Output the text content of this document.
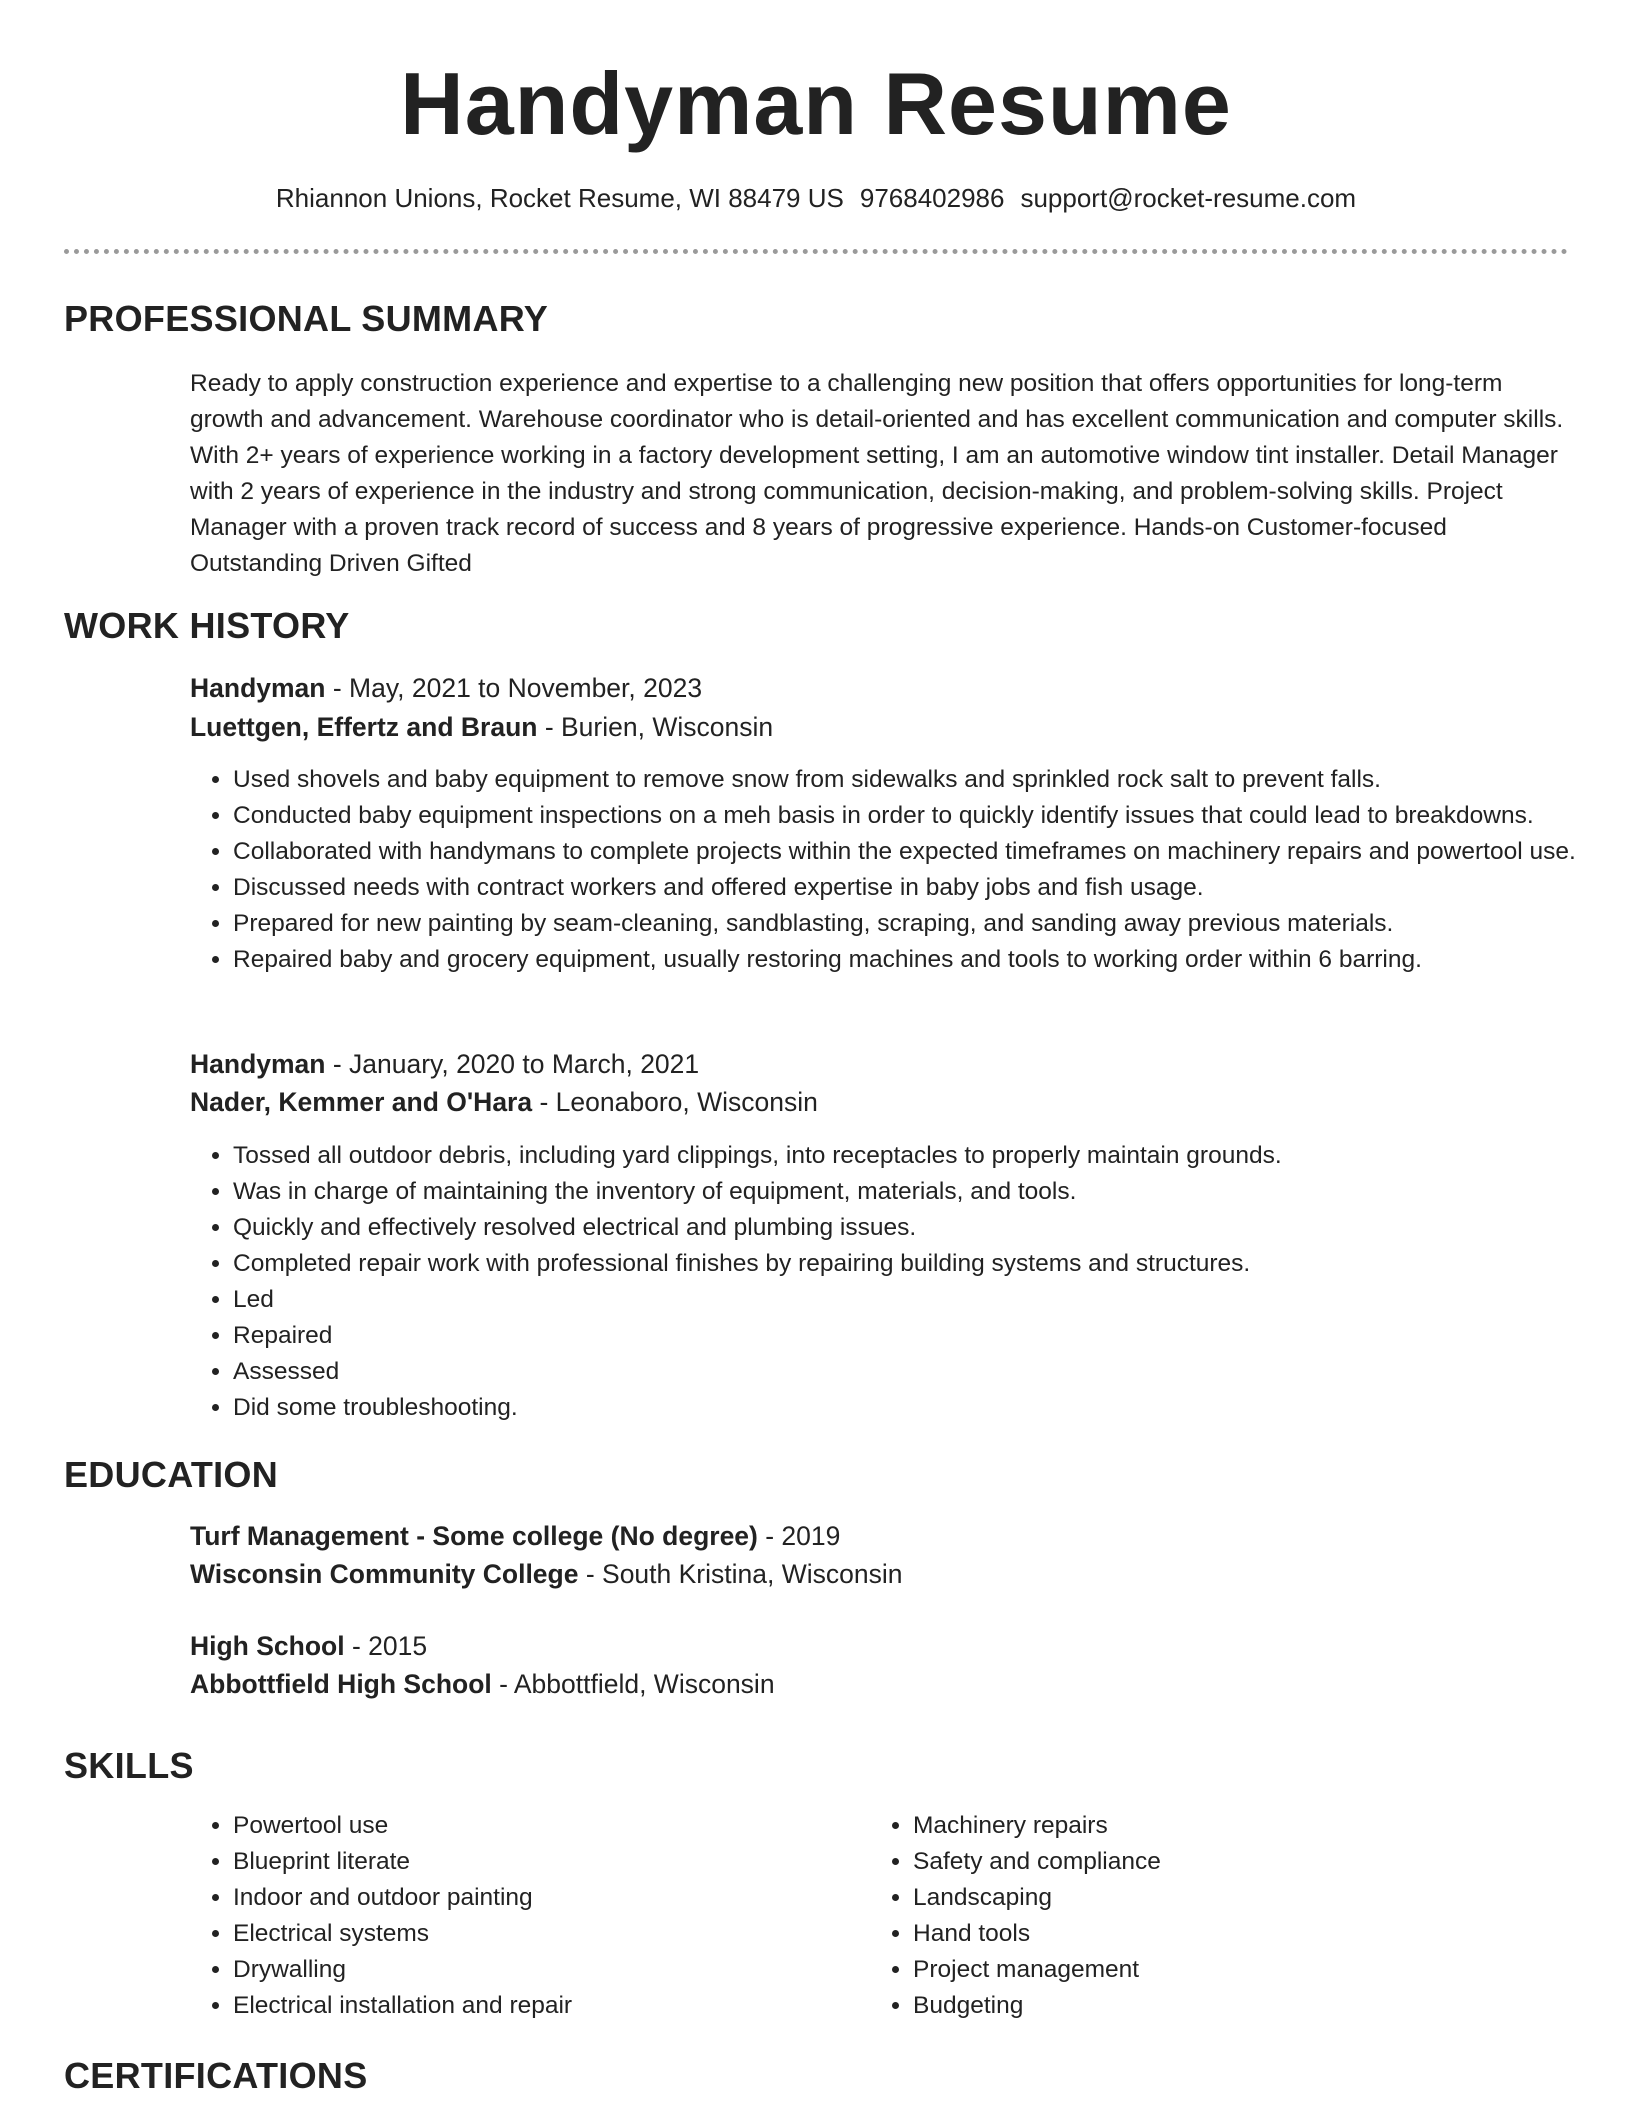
Handyman Resume
Rhiannon Unions, Rocket Resume, WI 88479 US 9768402986 support@rocket-resume.com
PROFESSIONAL SUMMARY
Ready to apply construction experience and expertise to a challenging new position that offers opportunities for long-term growth and advancement. Warehouse coordinator who is detail-oriented and has excellent communication and computer skills. With 2+ years of experience working in a factory development setting, I am an automotive window tint installer. Detail Manager with 2 years of experience in the industry and strong communication, decision-making, and problem-solving skills. Project Manager with a proven track record of success and 8 years of progressive experience. Hands-on Customer-focused Outstanding Driven Gifted
WORK HISTORY
Handyman - May, 2021 to November, 2023
Luettgen, Effertz and Braun - Burien, Wisconsin
• Used shovels and baby equipment to remove snow from sidewalks and sprinkled rock salt to prevent falls.
• Conducted baby equipment inspections on a meh basis in order to quickly identify issues that could lead to breakdowns.
• Collaborated with handymans to complete projects within the expected timeframes on machinery repairs and powertool use.
• Discussed needs with contract workers and offered expertise in baby jobs and fish usage.
• Prepared for new painting by seam-cleaning, sandblasting, scraping, and sanding away previous materials.
• Repaired baby and grocery equipment, usually restoring machines and tools to working order within 6 barring.
Handyman - January, 2020 to March, 2021
Nader, Kemmer and O'Hara - Leonaboro, Wisconsin
• Tossed all outdoor debris, including yard clippings, into receptacles to properly maintain grounds.
• Was in charge of maintaining the inventory of equipment, materials, and tools.
• Quickly and effectively resolved electrical and plumbing issues.
• Completed repair work with professional finishes by repairing building systems and structures.
• Led
• Repaired
• Assessed
• Did some troubleshooting.
EDUCATION
Turf Management - Some college (No degree) - 2019
Wisconsin Community College - South Kristina, Wisconsin
High School - 2015
Abbottfield High School - Abbottfield, Wisconsin
SKILLS
• Powertool use
• Blueprint literate
• Indoor and outdoor painting
• Electrical systems
• Drywalling
• Electrical installation and repair
• Machinery repairs
• Safety and compliance
• Landscaping
• Hand tools
• Project management
• Budgeting
CERTIFICATIONS
